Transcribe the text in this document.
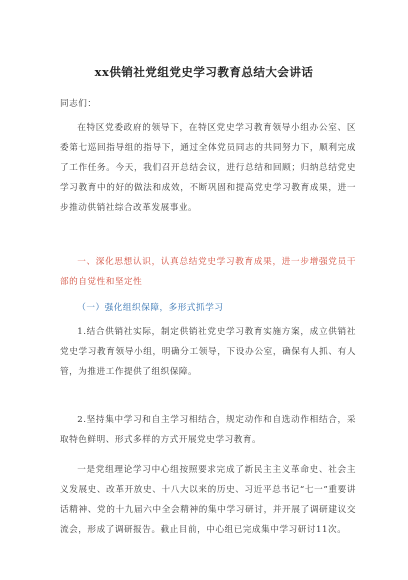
xx供销社党组党史学习教育总结大会讲话
同志们：
在特区党委政府的领导下，在特区党史学习教育领导小组办公室、区委第七巡回指导组的指导下，通过全体党员同志的共同努力下，顺利完成了工作任务。今天，我们召开总结会议，进行总结和回顾；归纳总结党史学习教育中的好的做法和成效，不断巩固和提高党史学习教育成果，进一步推动供销社综合改革发展事业。
一、深化思想认识，认真总结党史学习教育成果，进一步增强党员干部的自觉性和坚定性
（一）强化组织保障，多形式抓学习
1.结合供销社实际，制定供销社党史学习教育实施方案，成立供销社党史学习教育领导小组，明确分工领导，下设办公室，确保有人抓、有人管，为推进工作提供了组织保障。
2.坚持集中学习和自主学习相结合，规定动作和自选动作相结合，采取特色鲜明、形式多样的方式开展党史学习教育。
一是党组理论学习中心组按照要求完成了新民主主义革命史、社会主义发展史、改革开放史、十八大以来的历史、习近平总书记“七一”重要讲话精神、党的十九届六中全会精神的集中学习研讨，并开展了调研建议交流会，形成了调研报告。截止目前，中心组已完成集中学习研讨11次。
